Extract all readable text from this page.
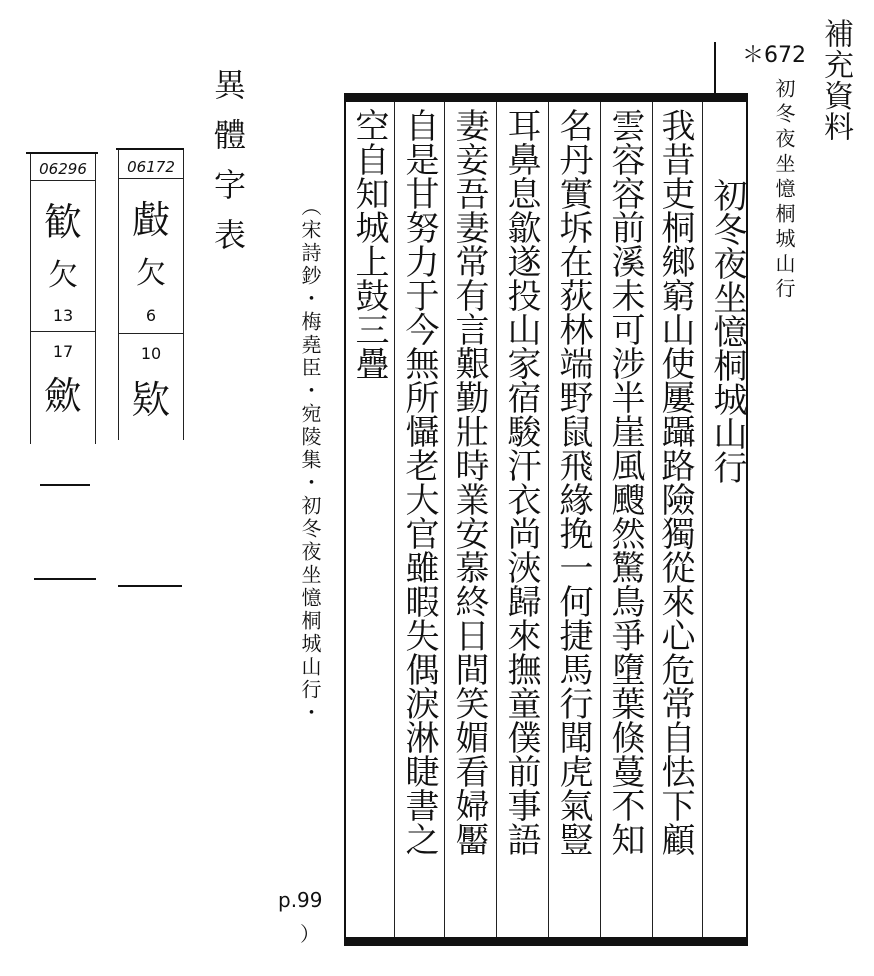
補充資料
＊672
初冬夜坐憶桐城山行
我昔吏桐鄉窮山使屢躡路險獨從來心危常自怯下顧
雲容容前溪未可涉半崖風颼然驚鳥爭墮葉倏蔓不知
名丹實坼在荻林端野鼠飛緣挽一何捷馬行聞虎氣豎
耳鼻息歙遂投山家宿駿汗衣尚浹歸來撫童僕前事語
妻妾吾妻常有言艱勤壯時業安慕終日間笑媚看婦靨
自是甘努力于今無所懾老大官雖暇失偶淚淋睫書之
空自知城上鼓三疊	初冬夜坐憶桐城山行
（宋詩鈔・梅堯臣・宛陵集・初冬夜坐憶桐城山行・
p.99
）
異體字表
06172
㪥
欠
6
10
欵
06296
歓
欠
13
17
歛
